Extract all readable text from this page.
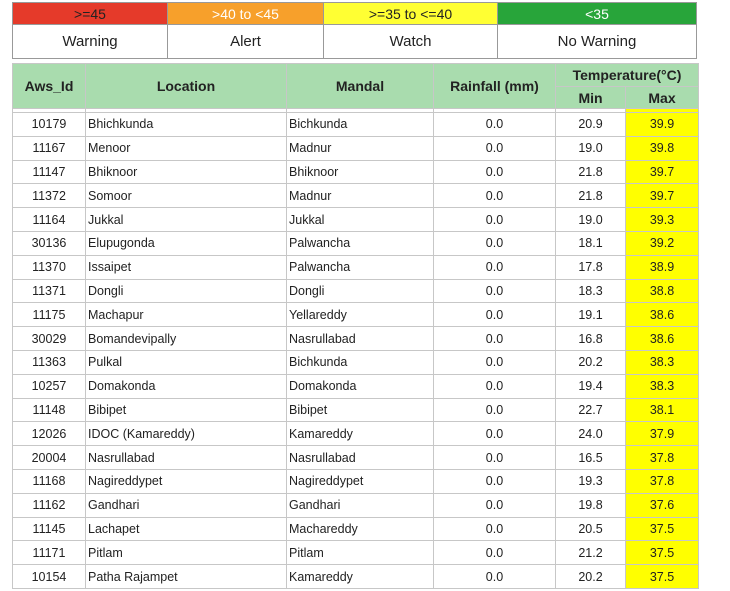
>=45	>40 to <45	>=35 to <=40	<35
Warning	Alert	Watch	No Warning
Aws_Id	Location	Mandal	Rainfall (mm)	Temperature(°C)	
				Min	Max

10179	Bhichkunda	Bichkunda	0.0	20.9	39.9
11167	Menoor	Madnur	0.0	19.0	39.8
11147	Bhiknoor	Bhiknoor	0.0	21.8	39.7
11372	Somoor	Madnur	0.0	21.8	39.7
11164	Jukkal	Jukkal	0.0	19.0	39.3
30136	Elupugonda	Palwancha	0.0	18.1	39.2
11370	Issaipet	Palwancha	0.0	17.8	38.9
11371	Dongli	Dongli	0.0	18.3	38.8
11175	Machapur	Yellareddy	0.0	19.1	38.6
30029	Bomandevipally	Nasrullabad	0.0	16.8	38.6
11363	Pulkal	Bichkunda	0.0	20.2	38.3
10257	Domakonda	Domakonda	0.0	19.4	38.3
11148	Bibipet	Bibipet	0.0	22.7	38.1
12026	IDOC (Kamareddy)	Kamareddy	0.0	24.0	37.9
20004	Nasrullabad	Nasrullabad	0.0	16.5	37.8
11168	Nagireddypet	Nagireddypet	0.0	19.3	37.8
11162	Gandhari	Gandhari	0.0	19.8	37.6
11145	Lachapet	Machareddy	0.0	20.5	37.5
11171	Pitlam	Pitlam	0.0	21.2	37.5
10154	Patha Rajampet	Kamareddy	0.0	20.2	37.5
